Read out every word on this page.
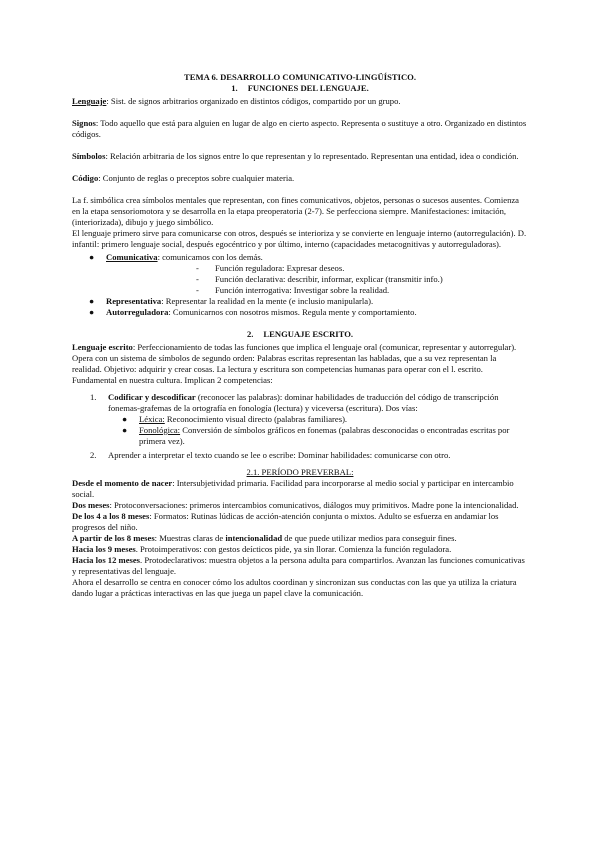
TEMA 6. DESARROLLO COMUNICATIVO-LINGÜÍSTICO.

1. FUNCIONES DEL LENGUAJE.

Lenguaje: Sist. de signos arbitrarios organizado en distintos códigos, compartido por un grupo.

Signos: Todo aquello que está para alguien en lugar de algo en cierto aspecto. Representa o sustituye a otro. Organizado en distintos códigos.

Símbolos: Relación arbitraria de los signos entre lo que representan y lo representado. Representan una entidad, idea o condición.

Código: Conjunto de reglas o preceptos sobre cualquier materia.

La f. simbólica crea símbolos mentales que representan, con fines comunicativos, objetos, personas o sucesos ausentes. Comienza en la etapa sensoriomotora y se desarrolla en la etapa preoperatoria (2-7). Se perfecciona siempre. Manifestaciones: imitación, (interiorizada), dibujo y juego simbólico.

El lenguaje primero sirve para comunicarse con otros, después se interioriza y se convierte en lenguaje interno (autorregulación). D. infantil: primero lenguaje social, después egocéntrico y por último, interno (capacidades metacognitivas y autorreguladoras).

● Comunicativa: comunicamos con los demás.
- Función reguladora: Expresar deseos.
- Función declarativa: describir, informar, explicar (transmitir info.)
- Función interrogativa: Investigar sobre la realidad.
● Representativa: Representar la realidad en la mente (e inclusio manipularla).
● Autorreguladora: Comunicarnos con nosotros mismos. Regula mente y comportamiento.
2. LENGUAJE ESCRITO.

Lenguaje escrito: Perfeccionamiento de todas las funciones que implica el lenguaje oral (comunicar, representar y autorregular). Opera con un sistema de símbolos de segundo orden: Palabras escritas representan las habladas, que a su vez representan la realidad. Objetivo: adquirir y crear cosas. La lectura y escritura son competencias humanas para operar con el l. escrito. Fundamental en nuestra cultura. Implican 2 competencias:

1. Codificar y descodificar (reconocer las palabras): dominar habilidades de traducción del código de transcripción fonemas-grafemas de la ortografía en fonología (lectura) y viceversa (escritura). Dos vías:
● Léxica: Reconocimiento visual directo (palabras familiares).
● Fonológica: Conversión de símbolos gráficos en fonemas (palabras desconocidas o encontradas escritas por primera vez).
2. Aprender a interpretar el texto cuando se lee o escribe: Dominar habilidades: comunicarse con otro.

2.1. PERÍODO PREVERBAL:

Desde el momento de nacer: Intersubjetividad primaria. Facilidad para incorporarse al medio social y participar en intercambio social.

Dos meses: Protoconversaciones: primeros intercambios comunicativos, diálogos muy primitivos. Madre pone la intencionalidad.

De los 4 a los 8 meses: Formatos: Rutinas lúdicas de acción-atención conjunta o mixtos. Adulto se esfuerza en andamiar los progresos del niño.

A partir de los 8 meses: Muestras claras de intencionalidad de que puede utilizar medios para conseguir fines.

Hacia los 9 meses. Protoimperativos: con gestos deícticos pide, ya sin llorar. Comienza la función reguladora.

Hacia los 12 meses. Protodeclarativos: muestra objetos a la persona adulta para compartirlos. Avanzan las funciones comunicativas y representativas del lenguaje.

Ahora el desarrollo se centra en conocer cómo los adultos coordinan y sincronizan sus conductas con las que ya utiliza la criatura dando lugar a prácticas interactivas en las que juega un papel clave la comunicación.
